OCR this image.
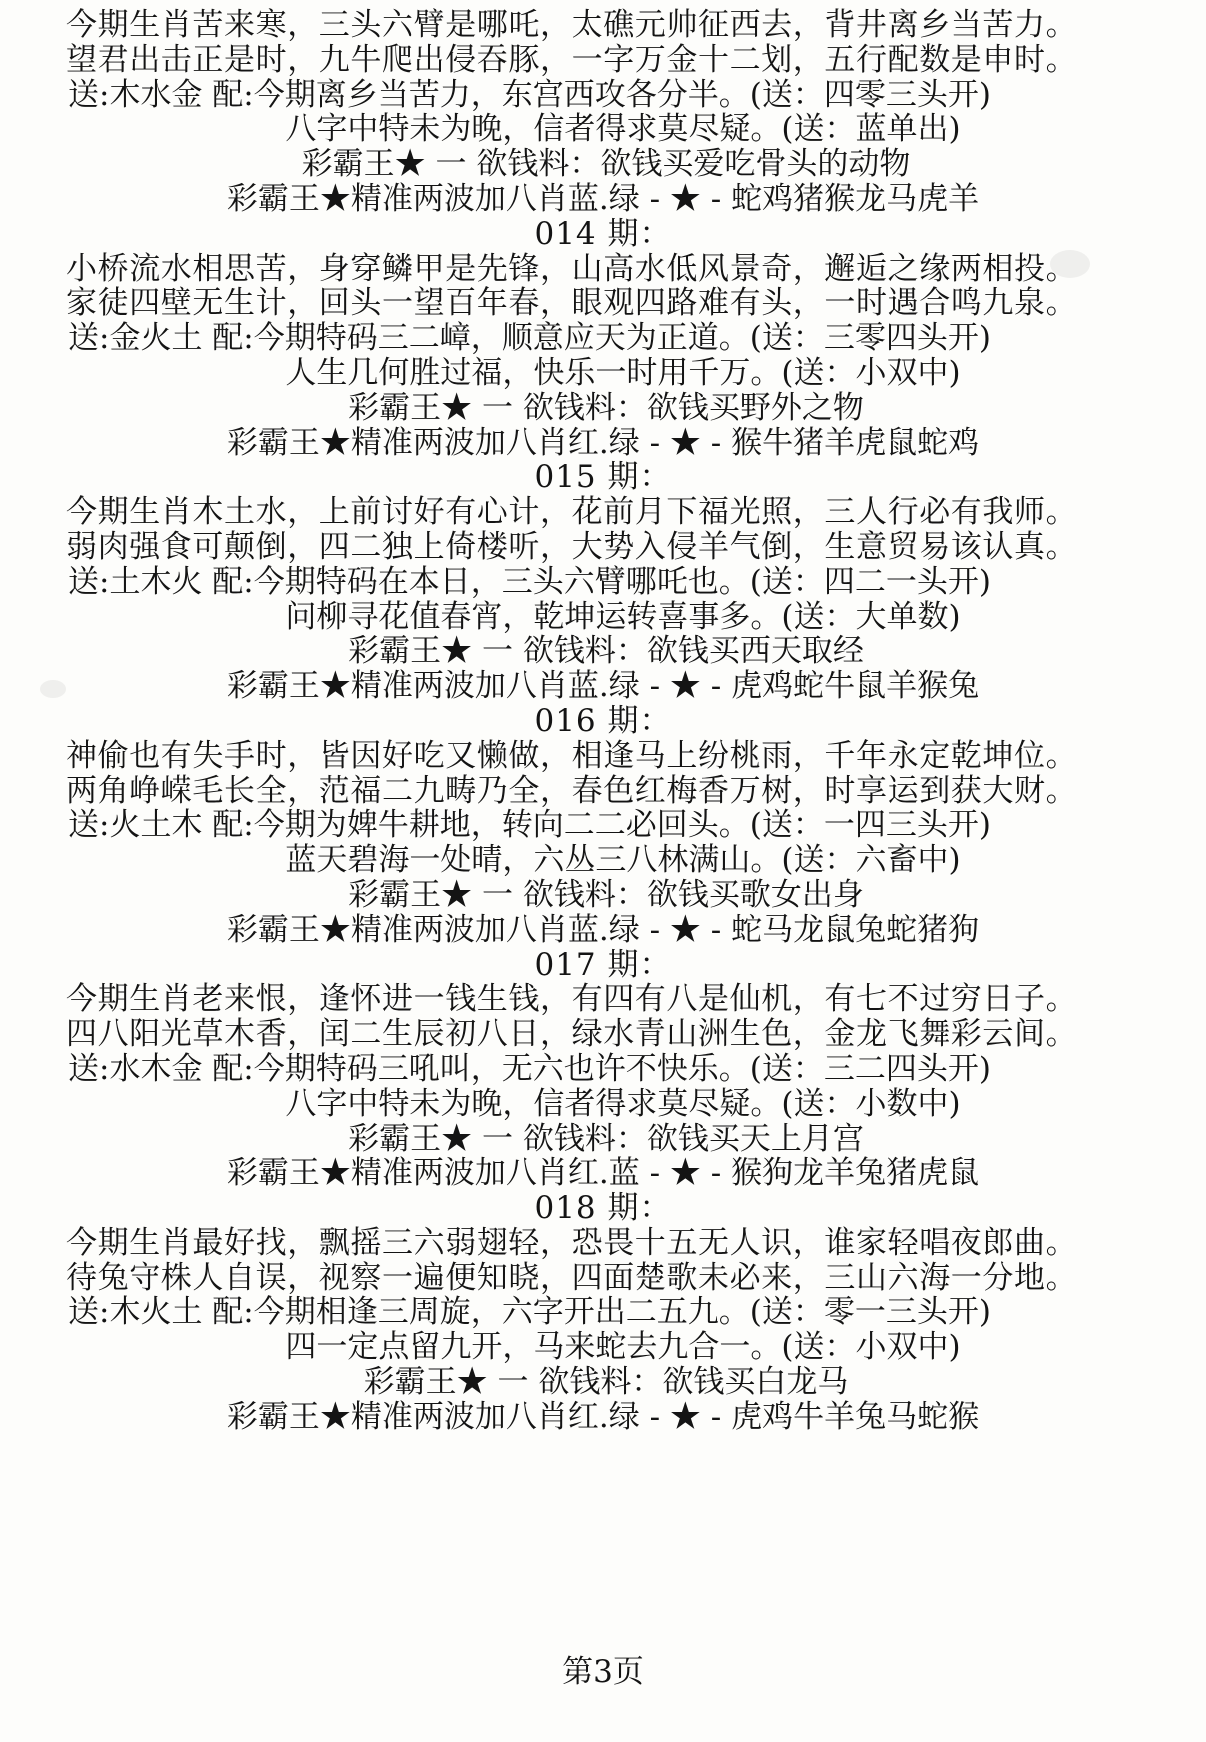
今期生肖苦来寒，三头六臂是哪吒，太礁元帅征西去，背井离乡当苦力。
望君出击正是时，九牛爬出侵吞豚，一字万金十二划，五行配数是申时。
送:木水金 配:今期离乡当苦力，东宫西攻各分半。(送：四零三头开)
八字中特未为晚，信者得求莫尽疑。(送：蓝单出)
彩霸王★ 一 欲钱料：欲钱买爱吃骨头的动物
彩霸王★精准两波加八肖蓝.绿 - ★ - 蛇鸡猪猴龙马虎羊
014 期：
小桥流水相思苦，身穿鳞甲是先锋，山高水低风景奇，邂逅之缘两相投。
家徒四壁无生计，回头一望百年春，眼观四路难有头，一时遇合鸣九泉。
送:金火土 配:今期特码三二嶂，顺意应天为正道。(送：三零四头开)
人生几何胜过福，快乐一时用千万。(送：小双中)
彩霸王★ 一 欲钱料：欲钱买野外之物
彩霸王★精准两波加八肖红.绿 - ★ - 猴牛猪羊虎鼠蛇鸡
015 期：
今期生肖木土水，上前讨好有心计，花前月下福光照，三人行必有我师。
弱肉强食可颠倒，四二独上倚楼听，大势入侵羊气倒，生意贸易该认真。
送:土木火 配:今期特码在本日，三头六臂哪吒也。(送：四二一头开)
问柳寻花值春宵，乾坤运转喜事多。(送：大单数)
彩霸王★ 一 欲钱料：欲钱买西天取经
彩霸王★精准两波加八肖蓝.绿 - ★ - 虎鸡蛇牛鼠羊猴兔
016 期：
神偷也有失手时，皆因好吃又懒做，相逢马上纷桃雨，千年永定乾坤位。
两角峥嵘毛长全，范福二九畴乃全，春色红梅香万树，时享运到获大财。
送:火土木 配:今期为婢牛耕地，转向二二必回头。(送：一四三头开)
蓝天碧海一处晴，六丛三八林满山。(送：六畜中)
彩霸王★ 一 欲钱料：欲钱买歌女出身
彩霸王★精准两波加八肖蓝.绿 - ★ - 蛇马龙鼠兔蛇猪狗
017 期：
今期生肖老来恨，逢怀进一钱生钱，有四有八是仙机，有七不过穷日子。
四八阳光草木香，闰二生辰初八日，绿水青山洲生色，金龙飞舞彩云间。
送:水木金 配:今期特码三吼叫，无六也许不快乐。(送：三二四头开)
八字中特未为晚，信者得求莫尽疑。(送：小数中)
彩霸王★ 一 欲钱料：欲钱买天上月宫
彩霸王★精准两波加八肖红.蓝 - ★ - 猴狗龙羊兔猪虎鼠
018 期：
今期生肖最好找，飘摇三六弱翅轻，恐畏十五无人识，谁家轻唱夜郎曲。
待兔守株人自误，视察一遍便知晓，四面楚歌未必来，三山六海一分地。
送:木火土 配:今期相逢三周旋，六字开出二五九。(送：零一三头开)
四一定点留九开，马来蛇去九合一。(送：小双中)
彩霸王★ 一 欲钱料：欲钱买白龙马
彩霸王★精准两波加八肖红.绿 - ★ - 虎鸡牛羊兔马蛇猴
第3页
